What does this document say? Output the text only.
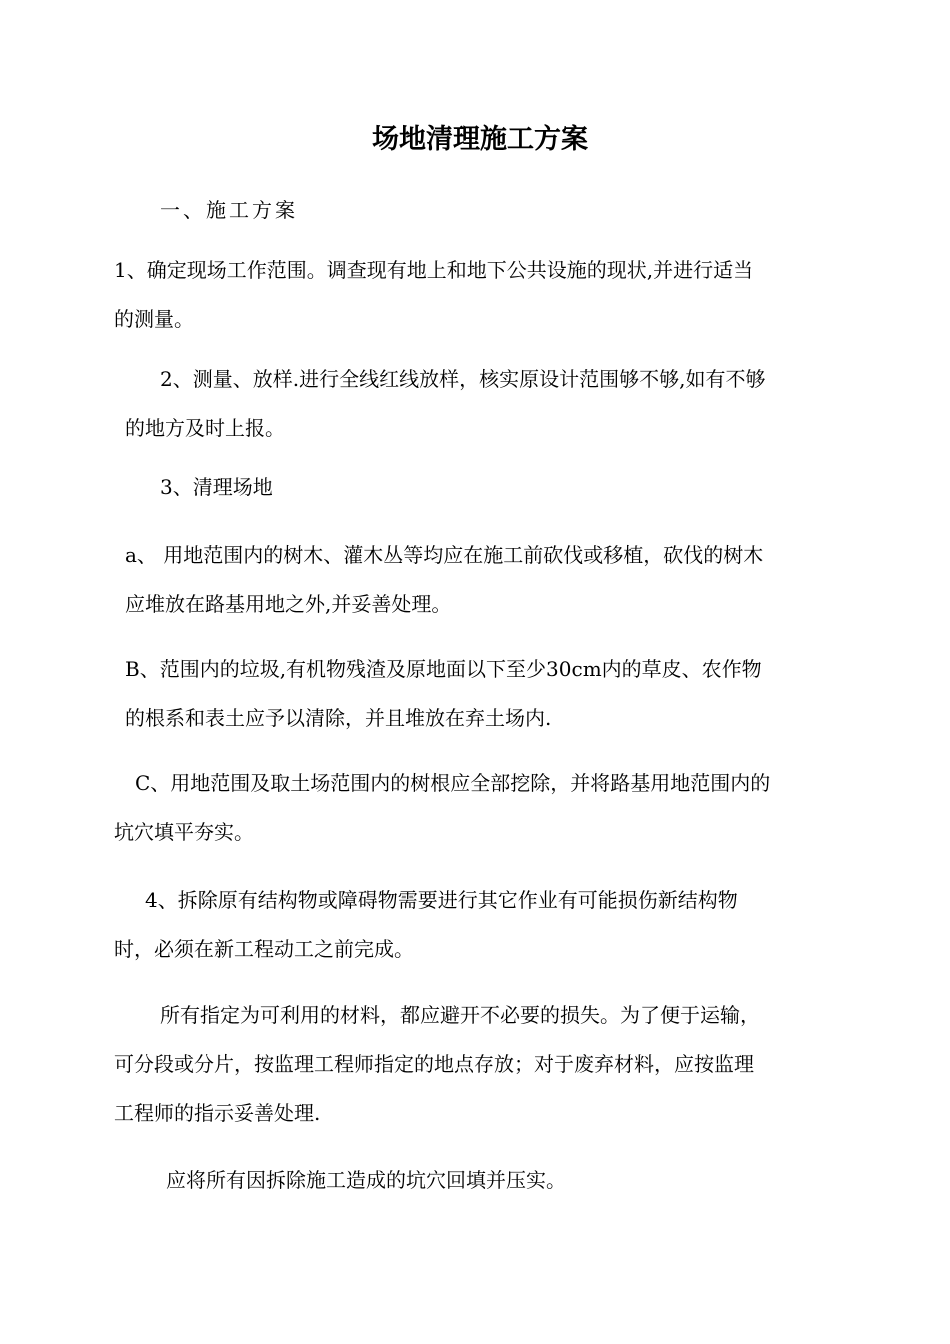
场地清理施工方案
一、施工方案
1、确定现场工作范围。调查现有地上和地下公共设施的现状,并进行适当
的测量。
2、测量、放样.进行全线红线放样，核实原设计范围够不够,如有不够
的地方及时上报。
3、清理场地
a、 用地范围内的树木、灌木丛等均应在施工前砍伐或移植，砍伐的树木
应堆放在路基用地之外,并妥善处理。
B、范围内的垃圾,有机物残渣及原地面以下至少30cm内的草皮、农作物
的根系和表土应予以清除，并且堆放在弃土场内.
C、用地范围及取土场范围内的树根应全部挖除，并将路基用地范围内的
坑穴填平夯实。
4、拆除原有结构物或障碍物需要进行其它作业有可能损伤新结构物
时，必须在新工程动工之前完成。
所有指定为可利用的材料，都应避开不必要的损失。为了便于运输，
可分段或分片，按监理工程师指定的地点存放；对于废弃材料，应按监理
工程师的指示妥善处理.
应将所有因拆除施工造成的坑穴回填并压实。
